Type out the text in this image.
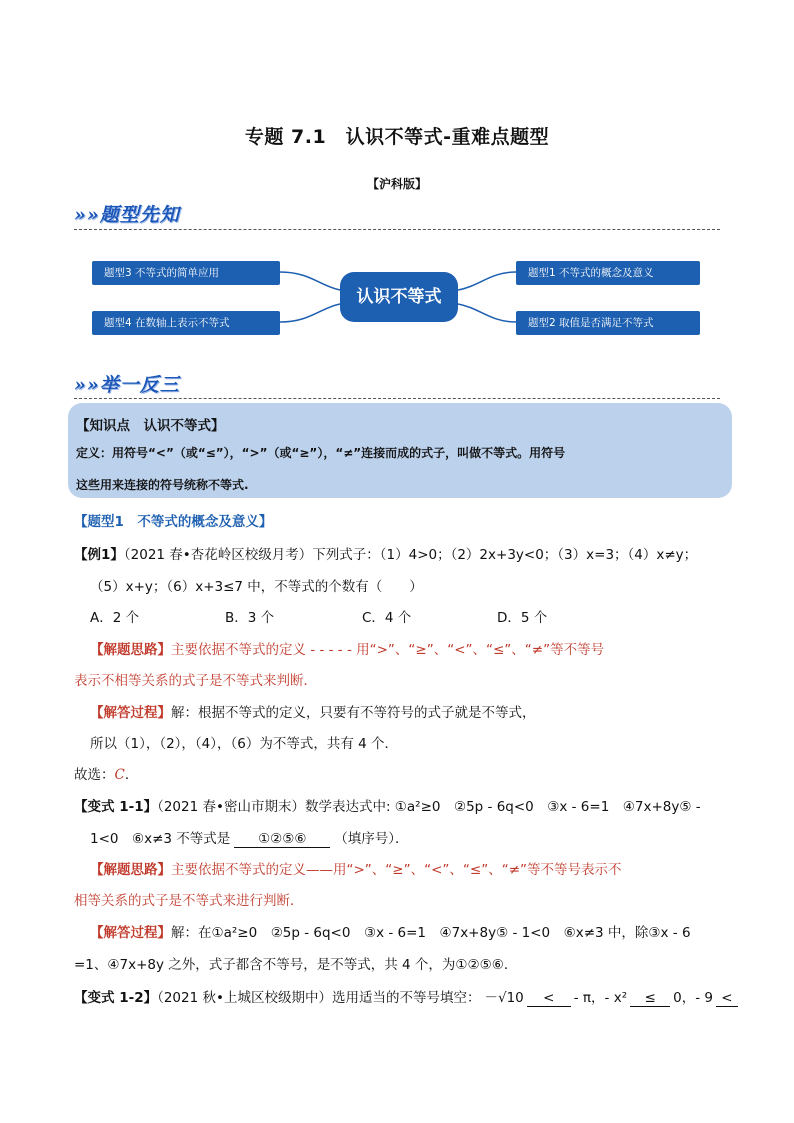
专题 7.1　认识不等式-重难点题型
【沪科版】
»»题型先知
题型3 不等式的简单应用
题型4 在数轴上表示不等式
题型1 不等式的概念及意义
题型2 取值是否满足不等式
认识不等式
»»举一反三
【知识点　认识不等式】
定义：用符号“<”（或“≤”），“>”（或“≥”），“≠”连接而成的式子，叫做不等式。用符号
这些用来连接的符号统称不等式.
【题型1　不等式的概念及意义】
【例1】（2021 春•杏花岭区校级月考）下列式子：（1）4>0；（2）2x+3y<0；（3）x=3；（4）x≠y；
（5）x+y；（6）x+3≤7 中，不等式的个数有（　　）
A．2 个	B．3 个	C．4 个	D．5 个
【解题思路】主要依据不等式的定义 - - - - - 用“>”、“≥”、“<”、“≤”、“≠”等不等号
表示不相等关系的式子是不等式来判断．
【解答过程】解：根据不等式的定义，只要有不等符号的式子就是不等式，
所以（1），（2），（4），（6）为不等式，共有 4 个．
故选：C．
【变式 1-1】（2021 春•密山市期末）数学表达式中: ①a²≥0　②5p - 6q<0　③x - 6=1　④7x+8y⑤ -
1<0　⑥x≠3 不等式是 ①②⑤⑥ （填序号）．
【解题思路】主要依据不等式的定义——用“>”、“≥”、“<”、“≤”、“≠”等不等号表示不
相等关系的式子是不等式来进行判断．
【解答过程】解：在①a²≥0　②5p - 6q<0　③x - 6=1　④7x+8y⑤ - 1<0　⑥x≠3 中，除③x - 6
=1、④7x+8y 之外，式子都含不等号，是不等式，共 4 个，为①②⑤⑥．
【变式 1-2】（2021 秋•上城区校级期中）选用适当的不等号填空： －√10 < - π，- x² ≤ 0，- 9 <
